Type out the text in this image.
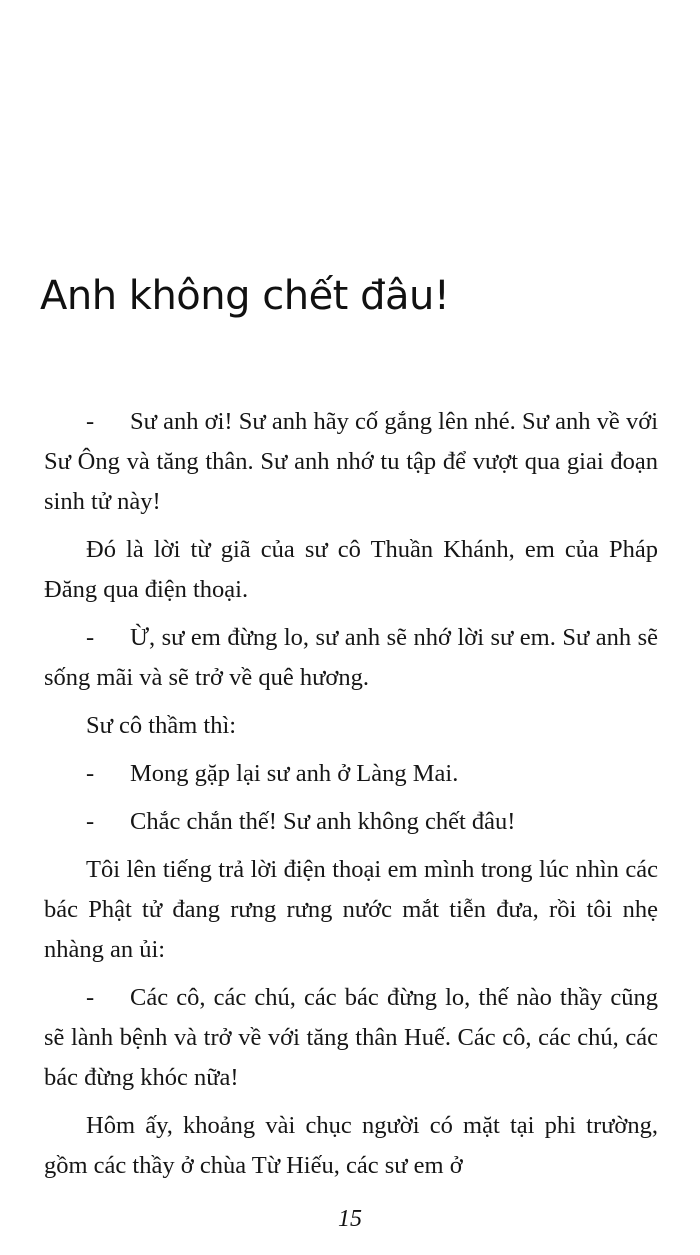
Anh không chết đâu!

- Sư anh ơi! Sư anh hãy cố gắng lên nhé. Sư anh về với Sư Ông và tăng thân. Sư anh nhớ tu tập để vượt qua giai đoạn sinh tử này!

Đó là lời từ giã của sư cô Thuần Khánh, em của Pháp Đăng qua điện thoại.

- Ừ, sư em đừng lo, sư anh sẽ nhớ lời sư em. Sư anh sẽ sống mãi và sẽ trở về quê hương.

Sư cô thầm thì:

- Mong gặp lại sư anh ở Làng Mai.

- Chắc chắn thế! Sư anh không chết đâu!

Tôi lên tiếng trả lời điện thoại em mình trong lúc nhìn các bác Phật tử đang rưng rưng nước mắt tiễn đưa, rồi tôi nhẹ nhàng an ủi:

- Các cô, các chú, các bác đừng lo, thế nào thầy cũng sẽ lành bệnh và trở về với tăng thân Huế. Các cô, các chú, các bác đừng khóc nữa!

Hôm ấy, khoảng vài chục người có mặt tại phi trường, gồm các thầy ở chùa Từ Hiếu, các sư em ở

15
